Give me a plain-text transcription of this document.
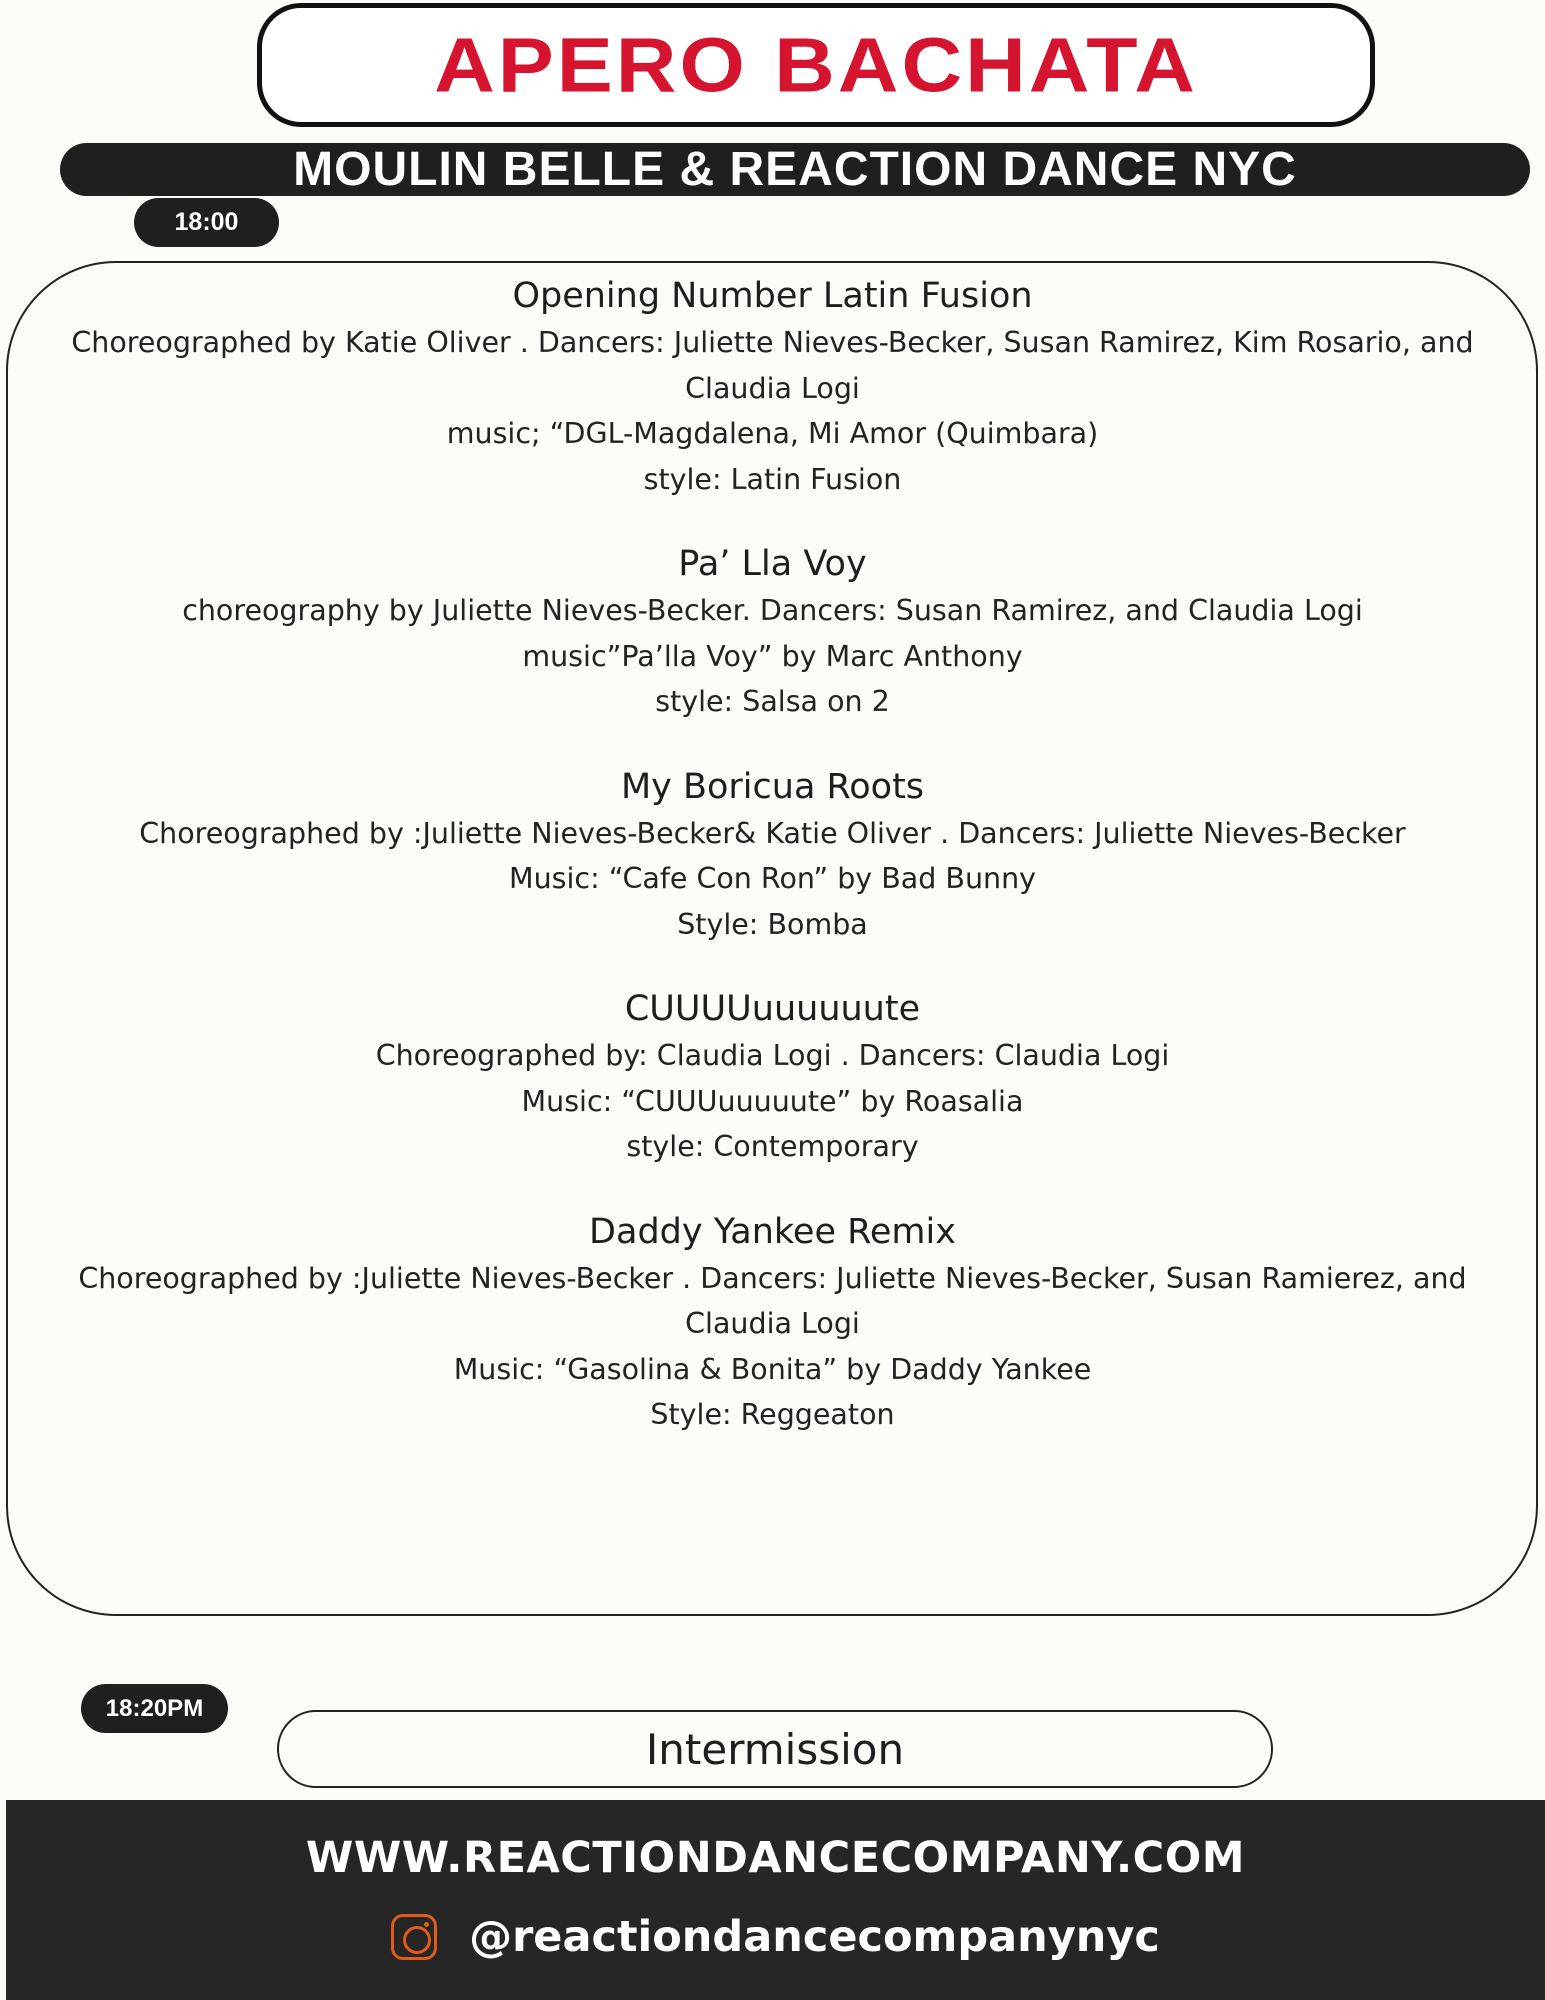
APERO BACHATA
MOULIN BELLE & REACTION DANCE NYC
18:00
Opening Number Latin Fusion
Choreographed by Katie Oliver . Dancers: Juliette Nieves-Becker, Susan Ramirez, Kim Rosario, and
Claudia Logi
music; “DGL-Magdalena, Mi Amor (Quimbara)
style: Latin Fusion
Pa’ Lla Voy
choreography by Juliette Nieves-Becker. Dancers: Susan Ramirez, and Claudia Logi
music”Pa’lla Voy” by Marc Anthony
style: Salsa on 2
My Boricua Roots
Choreographed by :Juliette Nieves-Becker& Katie Oliver . Dancers: Juliette Nieves-Becker
Music: “Cafe Con Ron” by Bad Bunny
Style: Bomba
CUUUUuuuuuute
Choreographed by: Claudia Logi . Dancers: Claudia Logi
Music: “CUUUuuuuute” by Roasalia
style: Contemporary
Daddy Yankee Remix
Choreographed by :Juliette Nieves-Becker . Dancers: Juliette Nieves-Becker, Susan Ramierez, and
Claudia Logi
Music: “Gasolina & Bonita” by Daddy Yankee
Style: Reggeaton
18:20PM
Intermission
WWW.REACTIONDANCECOMPANY.COM
@reactiondancecompanynyc
